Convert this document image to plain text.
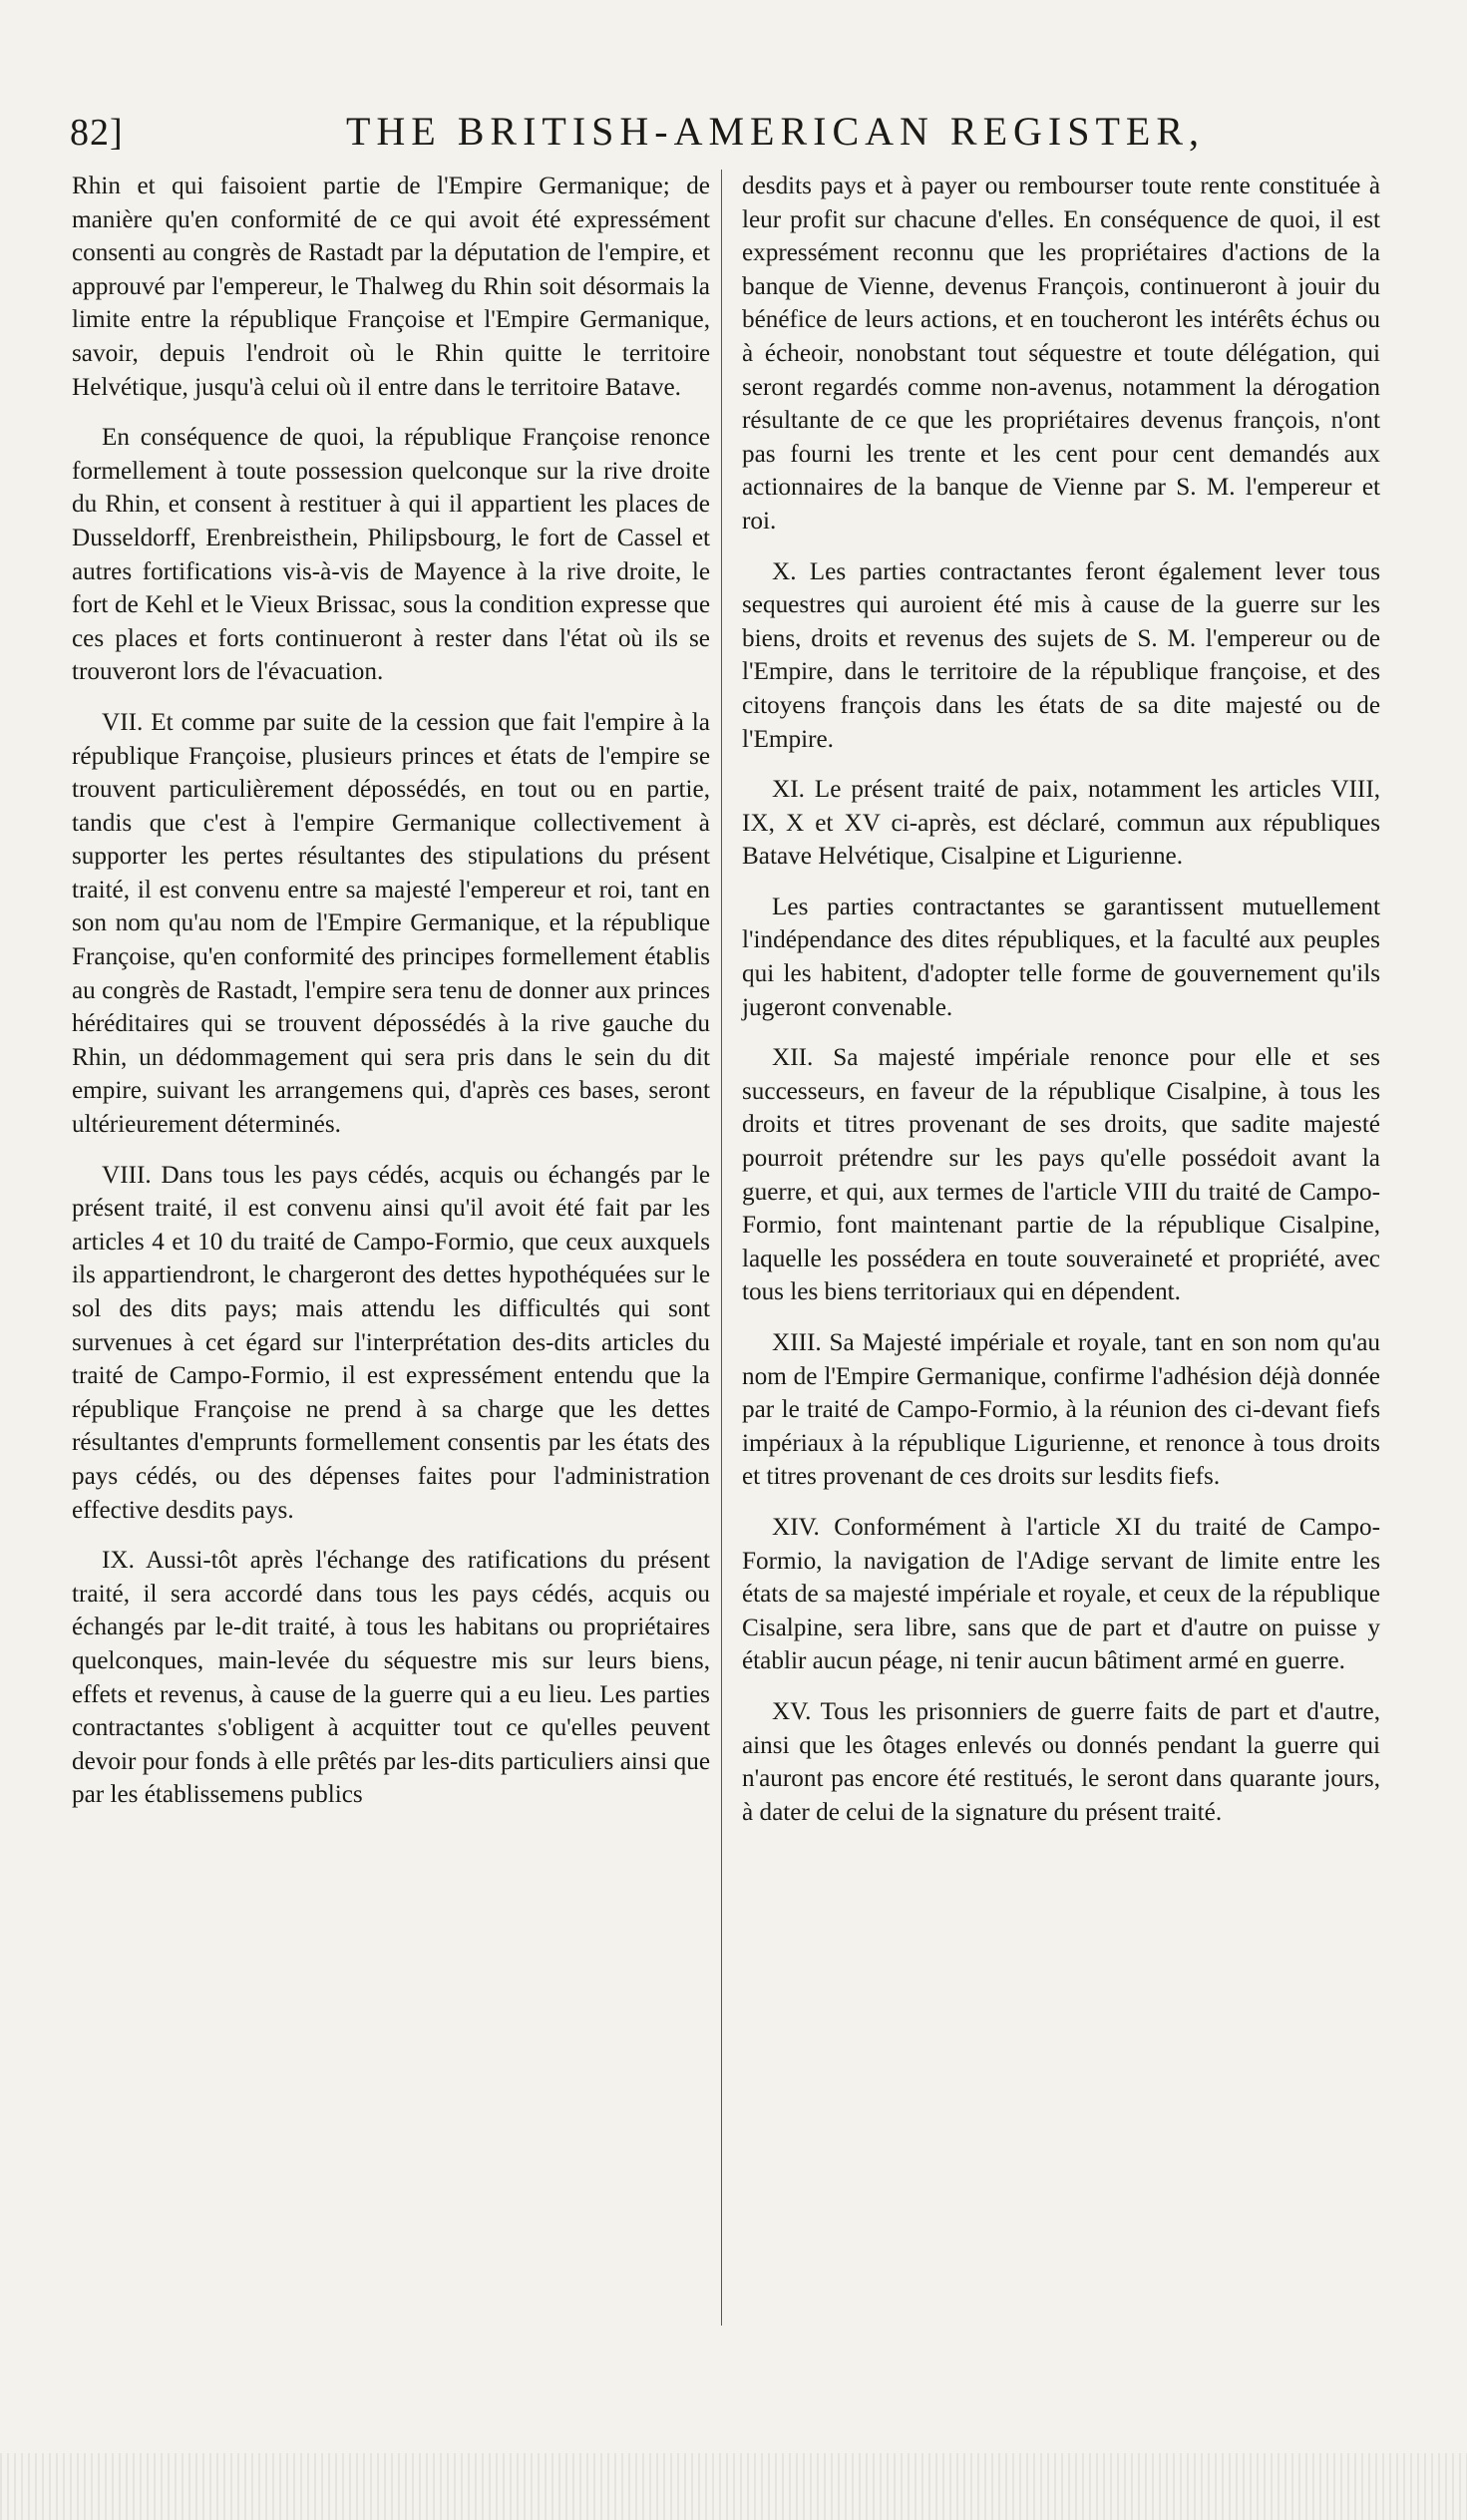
82]	THE BRITISH-AMERICAN REGISTER,

Rhin et qui faisoient partie de l'Empire Germanique; de manière qu'en conformité de ce qui avoit été expressément consenti au congrès de Rastadt par la députation de l'empire, et approuvé par l'empereur, le Thalweg du Rhin soit désormais la limite entre la république Françoise et l'Empire Germanique, savoir, depuis l'endroit où le Rhin quitte le territoire Helvétique, jusqu'à celui où il entre dans le territoire Batave.

En conséquence de quoi, la république Françoise renonce formellement à toute possession quelconque sur la rive droite du Rhin, et consent à restituer à qui il appartient les places de Dusseldorff, Erenbreisthein, Philipsbourg, le fort de Cassel et autres fortifications vis-à-vis de Mayence à la rive droite, le fort de Kehl et le Vieux Brissac, sous la condition expresse que ces places et forts continueront à rester dans l'état où ils se trouveront lors de l'évacuation.

VII. Et comme par suite de la cession que fait l'empire à la république Françoise, plusieurs princes et états de l'empire se trouvent particulièrement dépossédés, en tout ou en partie, tandis que c'est à l'empire Germanique collectivement à supporter les pertes résultantes des stipulations du présent traité, il est convenu entre sa majesté l'empereur et roi, tant en son nom qu'au nom de l'Empire Germanique, et la république Françoise, qu'en conformité des principes formellement établis au congrès de Rastadt, l'empire sera tenu de donner aux princes héréditaires qui se trouvent dépossédés à la rive gauche du Rhin, un dédommagement qui sera pris dans le sein du dit empire, suivant les arrangemens qui, d'après ces bases, seront ultérieurement déterminés.

VIII. Dans tous les pays cédés, acquis ou échangés par le présent traité, il est convenu ainsi qu'il avoit été fait par les articles 4 et 10 du traité de Campo-Formio, que ceux auxquels ils appartiendront, le chargeront des dettes hypothéquées sur le sol des dits pays; mais attendu les difficultés qui sont survenues à cet égard sur l'interprétation des-dits articles du traité de Campo-Formio, il est expressément entendu que la république Françoise ne prend à sa charge que les dettes résultantes d'emprunts formellement consentis par les états des pays cédés, ou des dépenses faites pour l'administration effective desdits pays.

IX. Aussi-tôt après l'échange des ratifications du présent traité, il sera accordé dans tous les pays cédés, acquis ou échangés par le-dit traité, à tous les habitans ou propriétaires quelconques, main-levée du séquestre mis sur leurs biens, effets et revenus, à cause de la guerre qui a eu lieu. Les parties contractantes s'obligent à acquitter tout ce qu'elles peuvent devoir pour fonds à elle prêtés par les-dits particuliers ainsi que par les établissemens publics

desdits pays et à payer ou rembourser toute rente constituée à leur profit sur chacune d'elles. En conséquence de quoi, il est expressément reconnu que les propriétaires d'actions de la banque de Vienne, devenus François, continueront à jouir du bénéfice de leurs actions, et en toucheront les intérêts échus ou à écheoir, nonobstant tout séquestre et toute délégation, qui seront regardés comme non-avenus, notamment la dérogation résultante de ce que les propriétaires devenus françois, n'ont pas fourni les trente et les cent pour cent demandés aux actionnaires de la banque de Vienne par S. M. l'empereur et roi.

X. Les parties contractantes feront également lever tous sequestres qui auroient été mis à cause de la guerre sur les biens, droits et revenus des sujets de S. M. l'empereur ou de l'Empire, dans le territoire de la république françoise, et des citoyens françois dans les états de sa dite majesté ou de l'Empire.

XI. Le présent traité de paix, notamment les articles VIII, IX, X et XV ci-après, est déclaré, commun aux républiques Batave Helvétique, Cisalpine et Ligurienne.

Les parties contractantes se garantissent mutuellement l'indépendance des dites républiques, et la faculté aux peuples qui les habitent, d'adopter telle forme de gouvernement qu'ils jugeront convenable.

XII. Sa majesté impériale renonce pour elle et ses successeurs, en faveur de la république Cisalpine, à tous les droits et titres provenant de ses droits, que sadite majesté pourroit prétendre sur les pays qu'elle possédoit avant la guerre, et qui, aux termes de l'article VIII du traité de Campo-Formio, font maintenant partie de la république Cisalpine, laquelle les possédera en toute souveraineté et propriété, avec tous les biens territoriaux qui en dépendent.

XIII. Sa Majesté impériale et royale, tant en son nom qu'au nom de l'Empire Germanique, confirme l'adhésion déjà donnée par le traité de Campo-Formio, à la réunion des ci-devant fiefs impériaux à la république Ligurienne, et renonce à tous droits et titres provenant de ces droits sur lesdits fiefs.

XIV. Conformément à l'article XI du traité de Campo-Formio, la navigation de l'Adige servant de limite entre les états de sa majesté impériale et royale, et ceux de la république Cisalpine, sera libre, sans que de part et d'autre on puisse y établir aucun péage, ni tenir aucun bâtiment armé en guerre.

XV. Tous les prisonniers de guerre faits de part et d'autre, ainsi que les ôtages enlevés ou donnés pendant la guerre qui n'auront pas encore été restitués, le seront dans quarante jours, à dater de celui de la signature du présent traité.
